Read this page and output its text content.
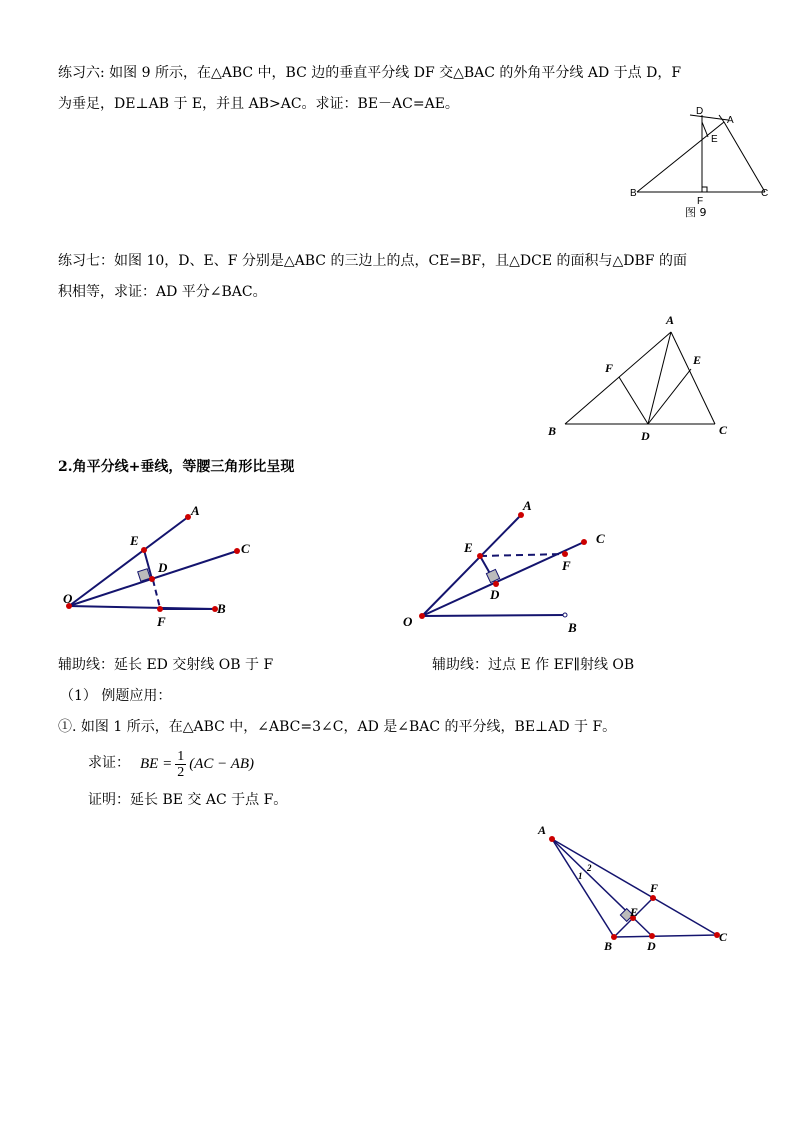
练习六: 如图 9 所示，在△ABC 中，BC 边的垂直平分线 DF 交△BAC 的外角平分线 AD 于点 D，F
为垂足，DE⊥AB 于 E，并且 AB>AC。求证：BE－AC=AE。	D
A
E
B
F
C
图 9
练习七：如图 10，D、E、F 分别是△ABC 的三边上的点，CE=BF，且△DCE 的面积与△DBF 的面
积相等，求证：AD 平分∠BAC。
A
E
F
B	D	C
2.角平分线+垂线，等腰三角形比呈现
A
E
C
D
O
F
B
A
E
C
F
D
O	B
辅助线：延长 ED 交射线 OB 于 F	辅助线：过点 E 作 EF∥射线 OB
（1） 例题应用：
①. 如图 1 所示，在△ABC 中，∠ABC=3∠C，AD 是∠BAC 的平分线，BE⊥AD 于 F。
求证： BE = $\frac{1}{2} (AC - AB)$
证明：延长 BE 交 AC 于点 F。
A
2
1
F
E
B	D
C
